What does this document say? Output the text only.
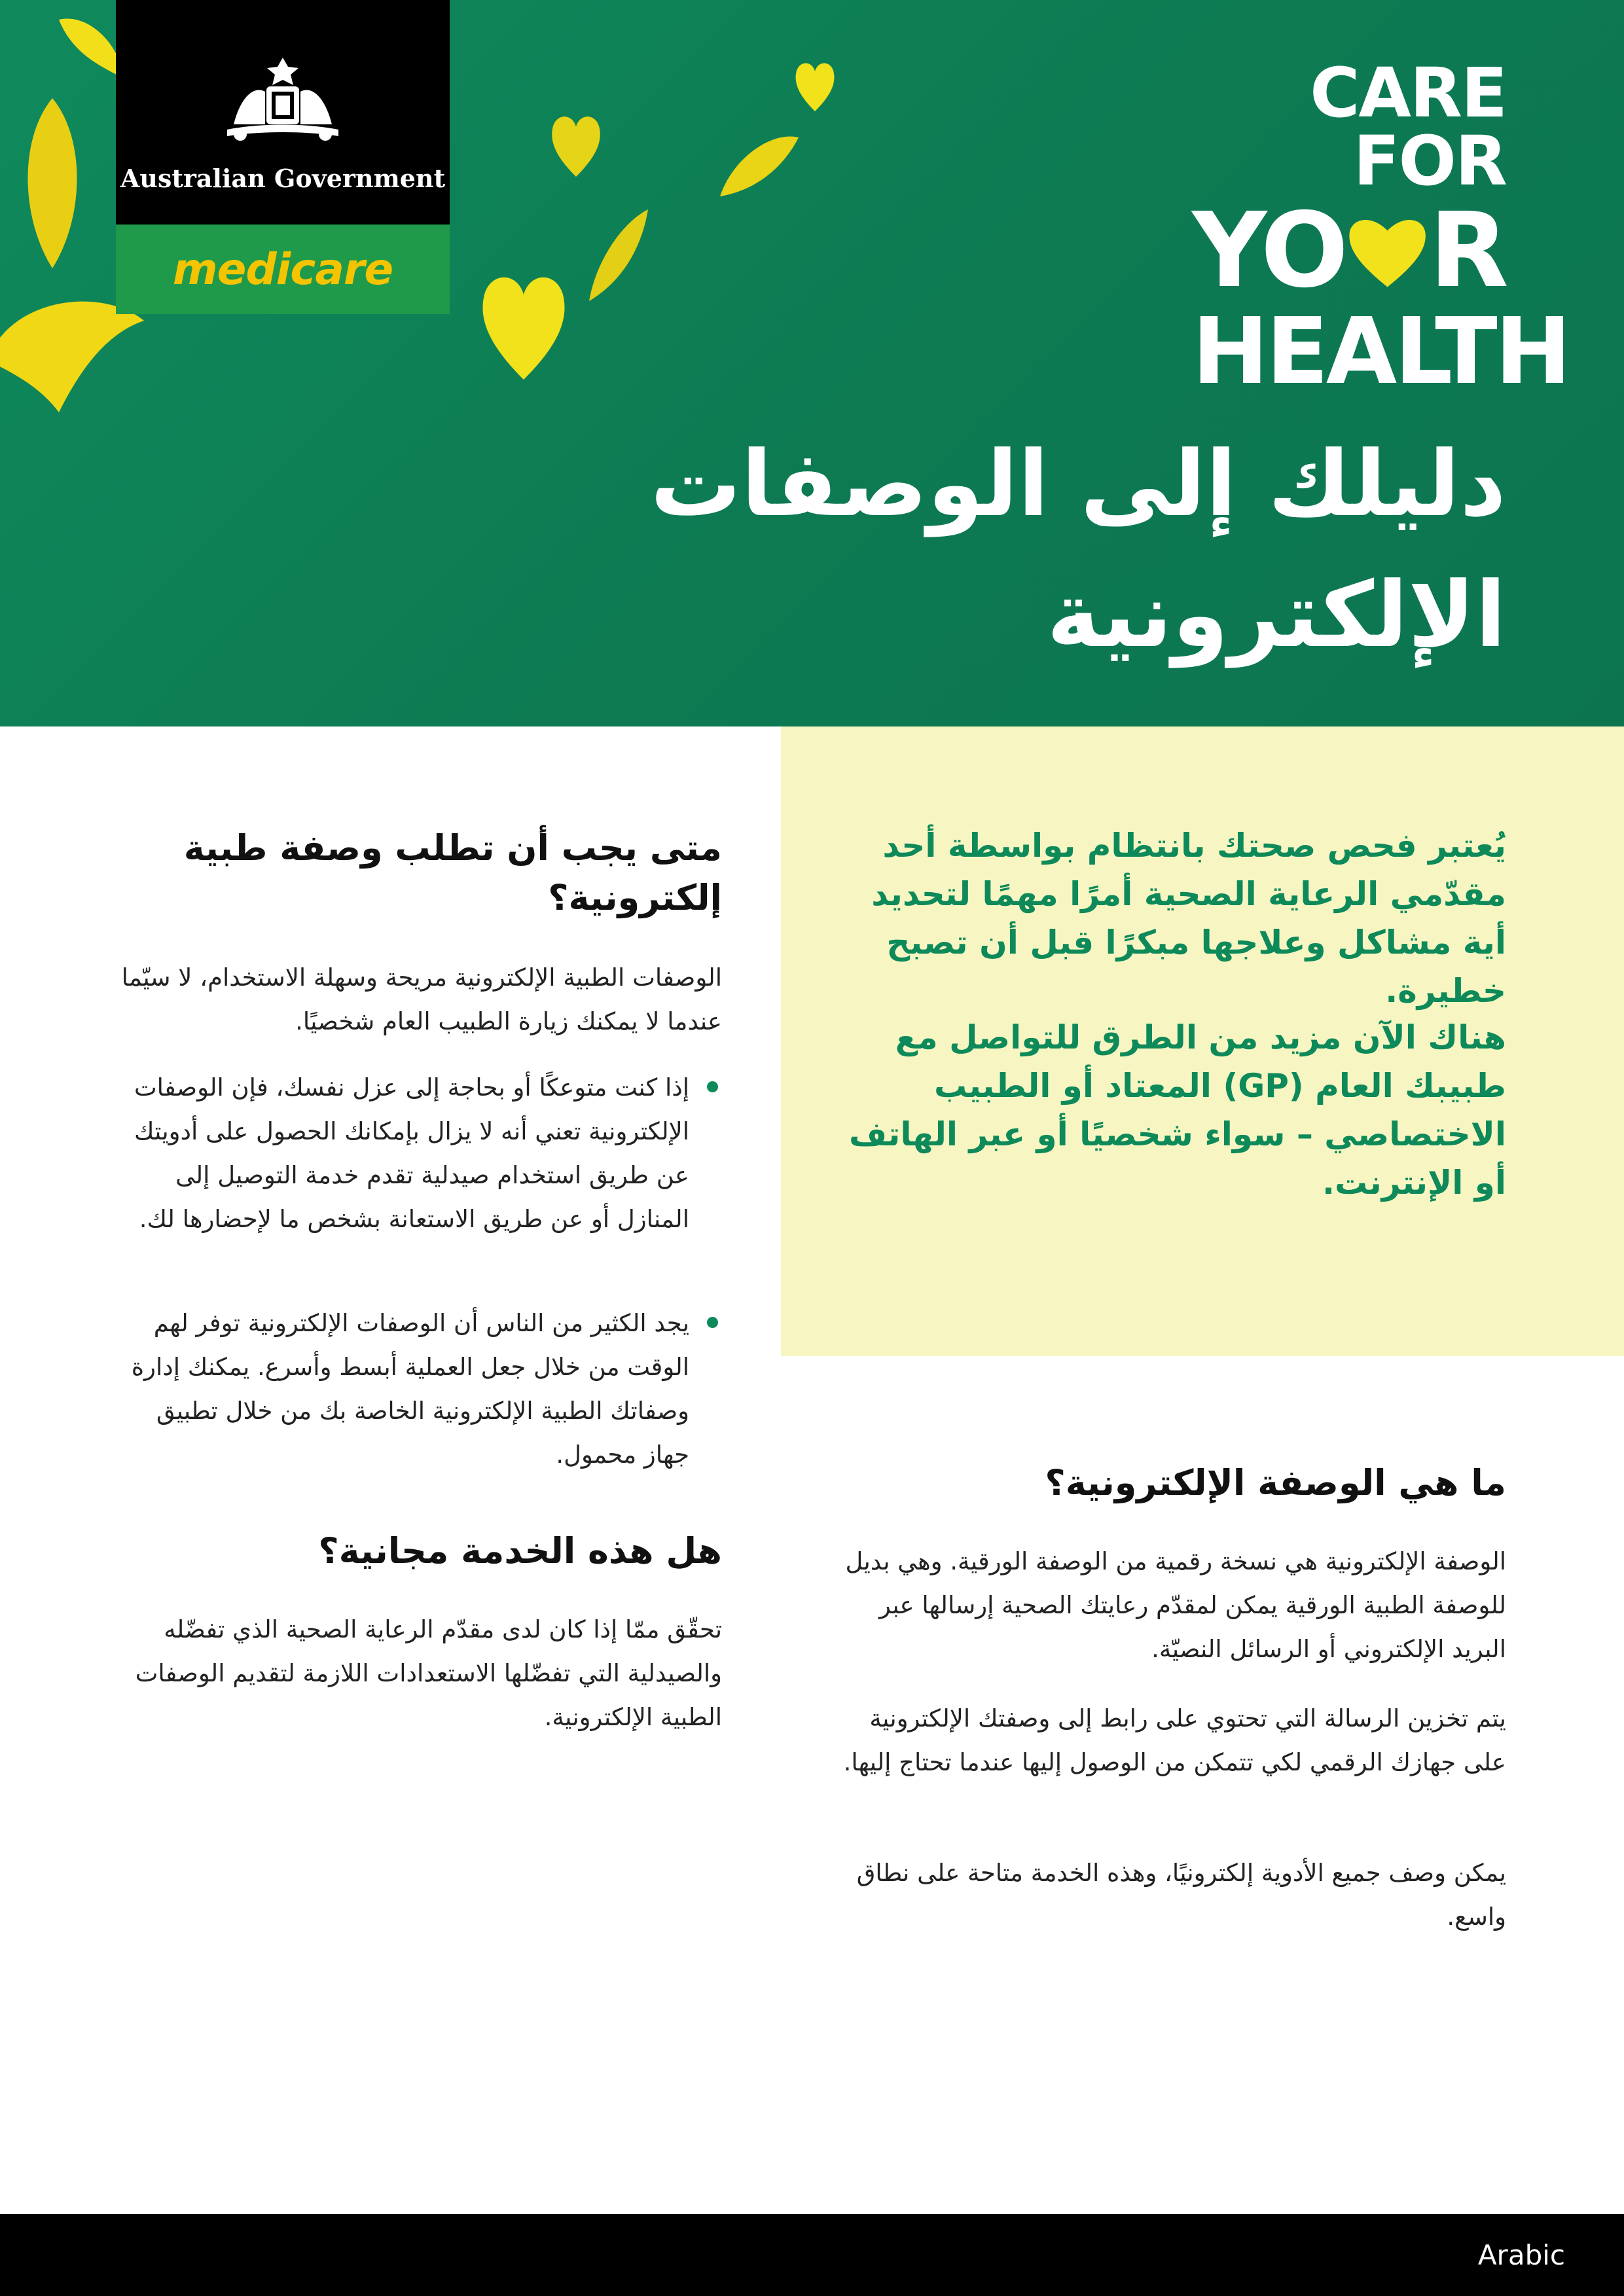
Australian Government
medicare
CARE FOR
YO R
HEALTH
دليلك إلى الوصفات
الإلكترونية

يُعتبر فحص صحتك بانتظام بواسطة أحد مقدّمي الرعاية الصحية أمرًا مهمًا لتحديد أية مشاكل وعلاجها مبكرًا قبل أن تصبح خطيرة.

هناك الآن مزيد من الطرق للتواصل مع طبيبك العام (GP) المعتاد أو الطبيب الاختصاصي – سواء شخصيًا أو عبر الهاتف أو الإنترنت.

ما هي الوصفة الإلكترونية؟

الوصفة الإلكترونية هي نسخة رقمية من الوصفة الورقية. وهي بديل للوصفة الطبية الورقية يمكن لمقدّم رعايتك الصحية إرسالها عبر البريد الإلكتروني أو الرسائل النصيّة.

يتم تخزين الرسالة التي تحتوي على رابط إلى وصفتك الإلكترونية على جهازك الرقمي لكي تتمكن من الوصول إليها عندما تحتاج إليها.

يمكن وصف جميع الأدوية إلكترونيًا، وهذه الخدمة متاحة على نطاق واسع.

متى يجب أن تطلب وصفة طبية إلكترونية؟

الوصفات الطبية الإلكترونية مريحة وسهلة الاستخدام، لا سيّما عندما لا يمكنك زيارة الطبيب العام شخصيًا.

إذا كنت متوعكًا أو بحاجة إلى عزل نفسك، فإن الوصفات الإلكترونية تعني أنه لا يزال بإمكانك الحصول على أدويتك عن طريق استخدام صيدلية تقدم خدمة التوصيل إلى المنازل أو عن طريق الاستعانة بشخص ما لإحضارها لك.
يجد الكثير من الناس أن الوصفات الإلكترونية توفر لهم الوقت من خلال جعل العملية أبسط وأسرع. يمكنك إدارة وصفاتك الطبية الإلكترونية الخاصة بك من خلال تطبيق جهاز محمول.
هل هذه الخدمة مجانية؟

تحقّق ممّا إذا كان لدى مقدّم الرعاية الصحية الذي تفضّله والصيدلية التي تفضّلها الاستعدادات اللازمة لتقديم الوصفات الطبية الإلكترونية.

Arabic
